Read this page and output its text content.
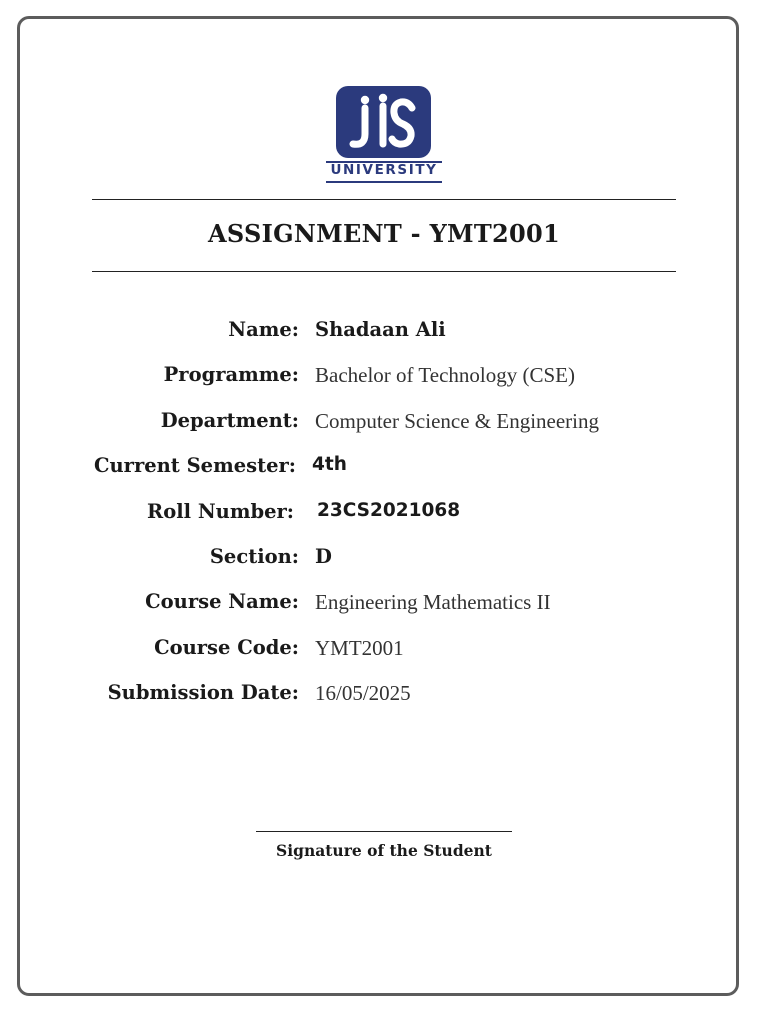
UNIVERSITY
ASSIGNMENT - YMT2001
Name: Shadaan Ali
Programme: Bachelor of Technology (CSE)
Department: Computer Science & Engineering
Current Semester: 4th
Roll Number: 23CS2021068
Section: D
Course Name: Engineering Mathematics II
Course Code: YMT2001
Submission Date: 16/05/2025
Signature of the Student
